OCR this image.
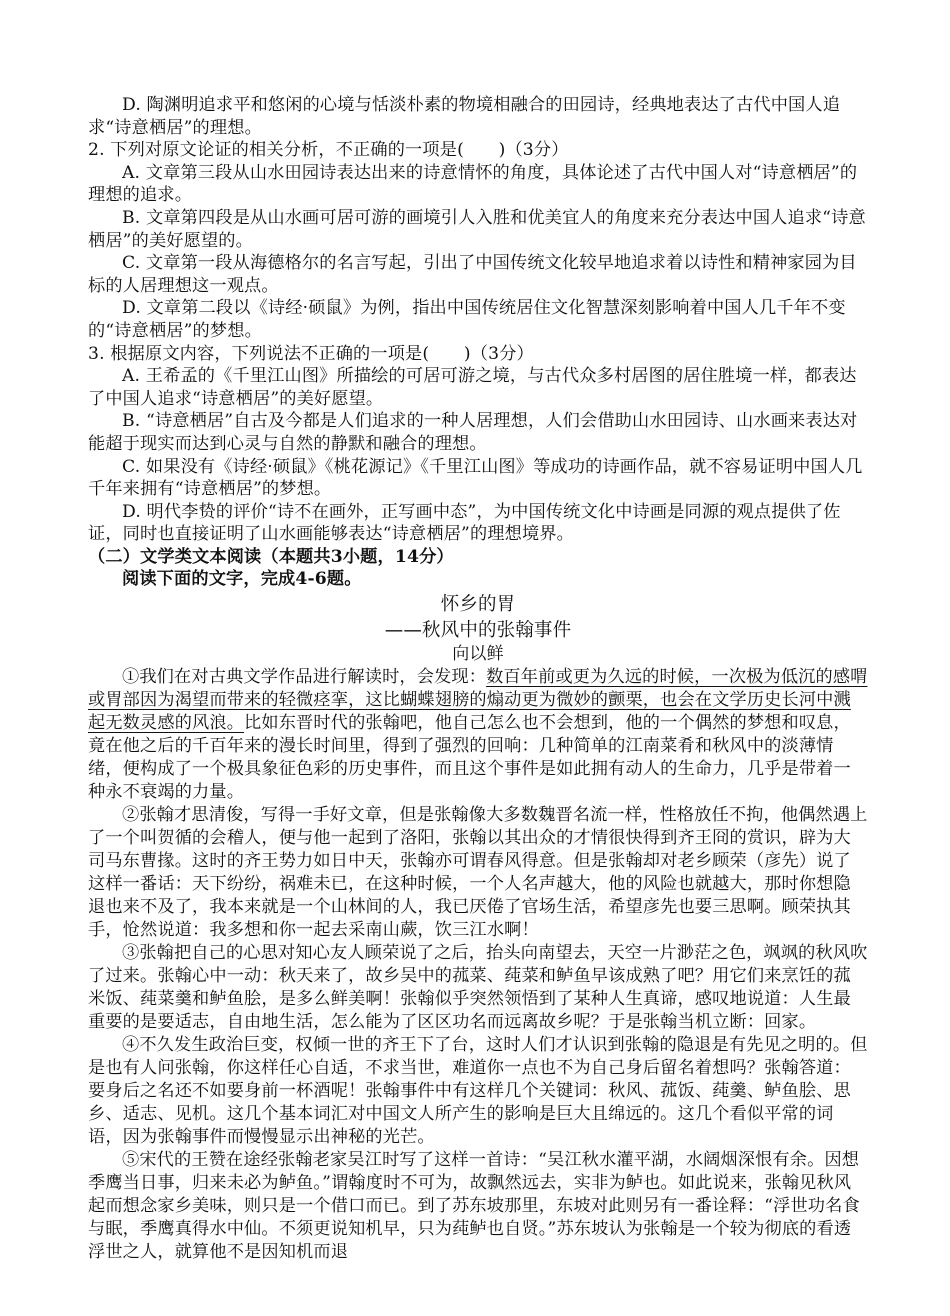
D. 陶渊明追求平和悠闲的心境与恬淡朴素的物境相融合的田园诗，经典地表达了古代中国人追求“诗意栖居”的理想。

2. 下列对原文论证的相关分析，不正确的一项是(　　)（3分）

A. 文章第三段从山水田园诗表达出来的诗意情怀的角度，具体论述了古代中国人对“诗意栖居”的理想的追求。

B. 文章第四段是从山水画可居可游的画境引人入胜和优美宜人的角度来充分表达中国人追求“诗意栖居”的美好愿望的。

C. 文章第一段从海德格尔的名言写起，引出了中国传统文化较早地追求着以诗性和精神家园为目标的人居理想这一观点。

D. 文章第二段以《诗经·硕鼠》为例，指出中国传统居住文化智慧深刻影响着中国人几千年不变的“诗意栖居”的梦想。

3. 根据原文内容，下列说法不正确的一项是(　　)（3分）

A. 王希孟的《千里江山图》所描绘的可居可游之境，与古代众多村居图的居住胜境一样，都表达了中国人追求“诗意栖居”的美好愿望。

B. “诗意栖居”自古及今都是人们追求的一种人居理想，人们会借助山水田园诗、山水画来表达对能超于现实而达到心灵与自然的静默和融合的理想。

C. 如果没有《诗经·硕鼠》《桃花源记》《千里江山图》等成功的诗画作品，就不容易证明中国人几千年来拥有“诗意栖居”的梦想。

D. 明代李贽的评价“诗不在画外，正写画中态”，为中国传统文化中诗画是同源的观点提供了佐证，同时也直接证明了山水画能够表达“诗意栖居”的理想境界。

（二）文学类文本阅读（本题共3小题，14分）

阅读下面的文字，完成4-6题。

怀乡的胃

——秋风中的张翰事件

向以鲜

①我们在对古典文学作品进行解读时，会发现：数百年前或更为久远的时候，一次极为低沉的感喟或胃部因为渴望而带来的轻微痉挛，这比蝴蝶翅膀的煽动更为微妙的颤栗，也会在文学历史长河中溅起无数灵感的风浪。比如东晋时代的张翰吧，他自己怎么也不会想到，他的一个偶然的梦想和叹息，竟在他之后的千百年来的漫长时间里，得到了强烈的回响：几种简单的江南菜肴和秋风中的淡薄情绪，便构成了一个极具象征色彩的历史事件，而且这个事件是如此拥有动人的生命力，几乎是带着一种永不衰竭的力量。

②张翰才思清俊，写得一手好文章，但是张翰像大多数魏晋名流一样，性格放任不拘，他偶然遇上了一个叫贺循的会稽人，便与他一起到了洛阳，张翰以其出众的才情很快得到齐王冏的赏识，辟为大司马东曹掾。这时的齐王势力如日中天，张翰亦可谓春风得意。但是张翰却对老乡顾荣（彦先）说了这样一番话：天下纷纷，祸难未已，在这种时候，一个人名声越大，他的风险也就越大，那时你想隐退也来不及了，我本来就是一个山林间的人，我已厌倦了官场生活，希望彦先也要三思啊。顾荣执其手，怆然说道：我多想和你一起去采南山蕨，饮三江水啊！

③张翰把自己的心思对知心友人顾荣说了之后，抬头向南望去，天空一片渺茫之色，飒飒的秋风吹了过来。张翰心中一动：秋天来了，故乡吴中的菰菜、莼菜和鲈鱼早该成熟了吧？用它们来烹饪的菰米饭、莼菜羹和鲈鱼脍，是多么鲜美啊！张翰似乎突然领悟到了某种人生真谛，感叹地说道：人生最重要的是要适志，自由地生活，怎么能为了区区功名而远离故乡呢？于是张翰当机立断：回家。

④不久发生政治巨变，权倾一世的齐王下了台，这时人们才认识到张翰的隐退是有先见之明的。但是也有人问张翰，你这样任心自适，不求当世，难道你一点也不为自己身后留名着想吗？张翰答道：要身后之名还不如要身前一杯酒呢！张翰事件中有这样几个关键词：秋风、菰饭、莼羹、鲈鱼脍、思乡、适志、见机。这几个基本词汇对中国文人所产生的影响是巨大且绵远的。这几个看似平常的词语，因为张翰事件而慢慢显示出神秘的光芒。

⑤宋代的王赞在途经张翰老家吴江时写了这样一首诗：“吴江秋水灌平湖，水阔烟深恨有余。因想季鹰当日事，归来未必为鲈鱼。”谓翰度时不可为，故飘然远去，实非为鲈也。如此说来，张翰见秋风起而想念家乡美味，则只是一个借口而已。到了苏东坡那里，东坡对此则另有一番诠释：“浮世功名食与眠，季鹰真得水中仙。不须更说知机早，只为莼鲈也自贤。”苏东坡认为张翰是一个较为彻底的看透浮世之人，就算他不是因知机而退
